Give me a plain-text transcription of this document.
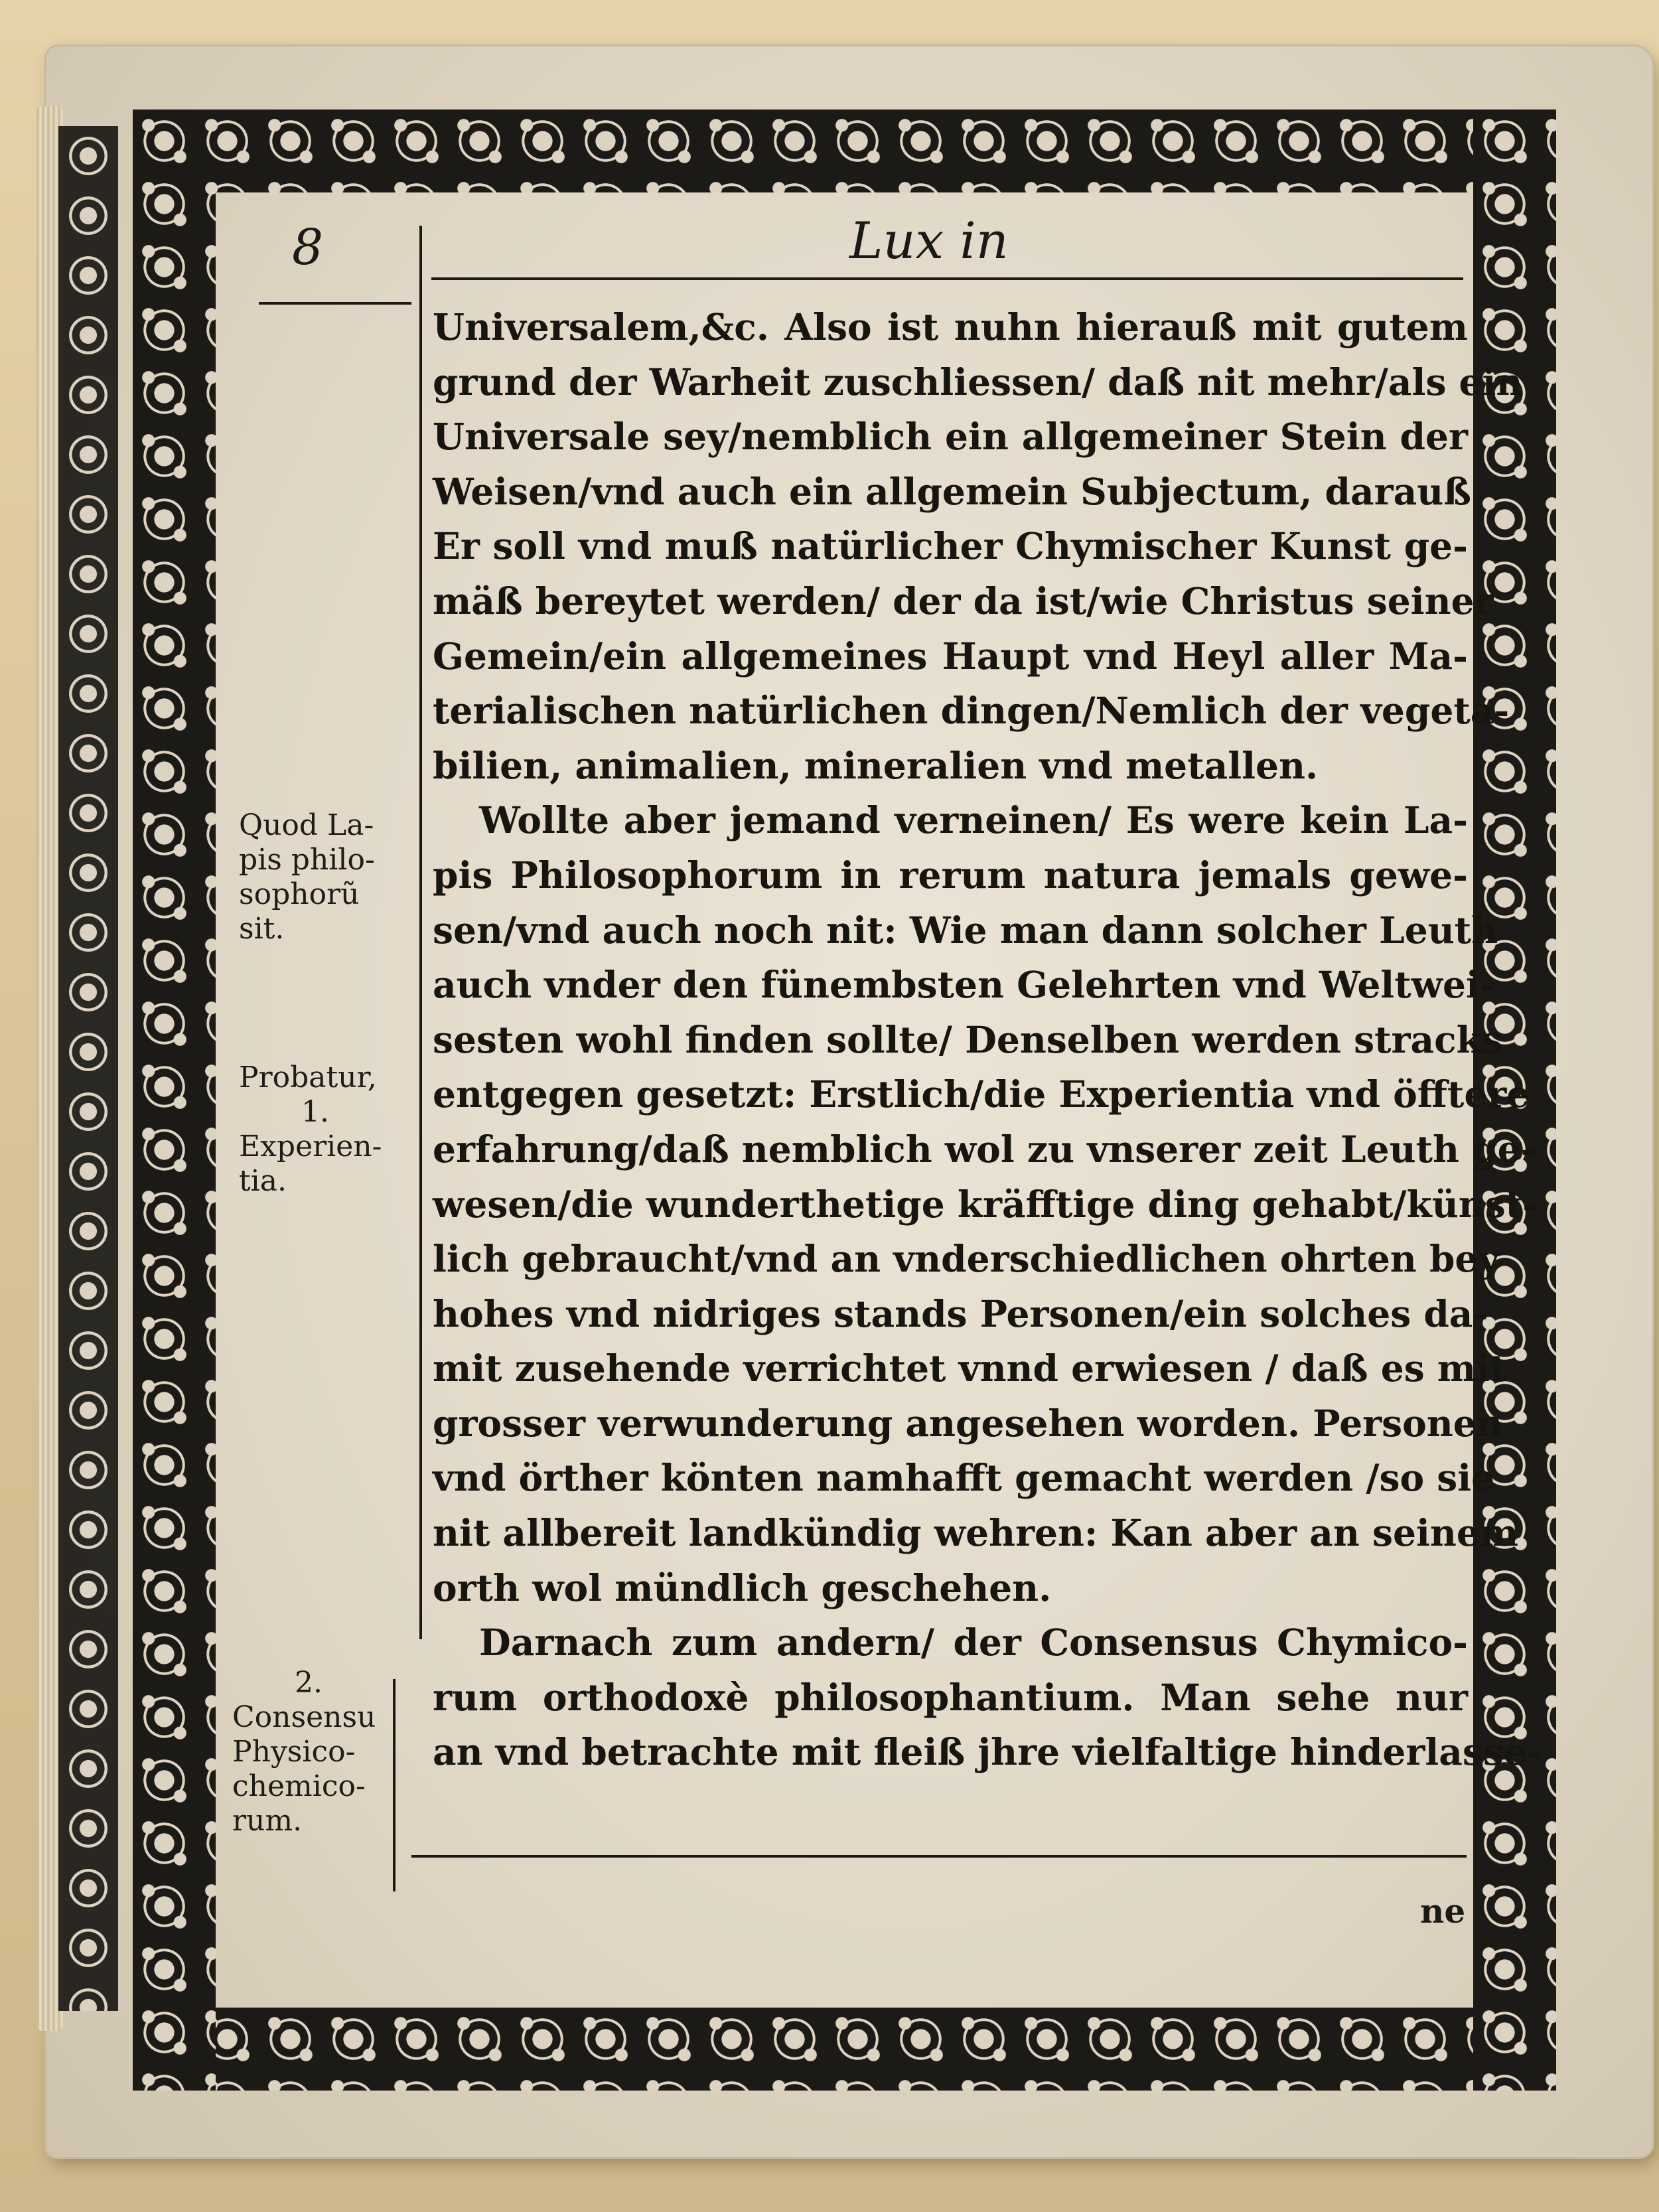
8	Lux in
Universalem,&c. Also ist nuhn hierauß mit gutem
grund der Warheit zuschliessen/ daß nit mehr/als ein
Universale sey/nemblich ein allgemeiner Stein der
Weisen/vnd auch ein allgemein Subjectum, darauß
Er soll vnd muß natürlicher Chymischer Kunst ge-
mäß bereytet werden/ der da ist/wie Christus seiner
Gemein/ein allgemeines Haupt vnd Heyl aller Ma-
terialischen natürlichen dingen/Nemlich der vegeta-
bilien, animalien, mineralien vnd metallen.
Wollte aber jemand verneinen/ Es were kein La-
pis Philosophorum in rerum natura jemals gewe-
sen/vnd auch noch nit: Wie man dann solcher Leuth
auch vnder den fünembsten Gelehrten vnd Weltwei-
sesten wohl finden sollte/ Denselben werden stracks
entgegen gesetzt: Erstlich/die Experientia vnd öfftere
erfahrung/daß nemblich wol zu vnserer zeit Leuth ge-
wesen/die wunderthetige kräfftige ding gehabt/künst-
lich gebraucht/vnd an vnderschiedlichen ohrten bey
hohes vnd nidriges stands Personen/ein solches da-
mit zusehende verrichtet vnnd erwiesen / daß es mit
grosser verwunderung angesehen worden. Personen
vnd örther könten namhafft gemacht werden /so sie
nit allbereit landkündig wehren: Kan aber an seinem
orth wol mündlich geschehen.
Darnach zum andern/ der Consensus Chymico-
rum orthodoxè philosophantium. Man sehe nur
an vnd betrachte mit fleiß jhre vielfaltige hinderlasse-
Quod La-
pis philo-
sophorũ
sit.
Probatur,
1.
Experien-
tia.
2.
Consensu
Physico-
chemico-
rum.
ne
